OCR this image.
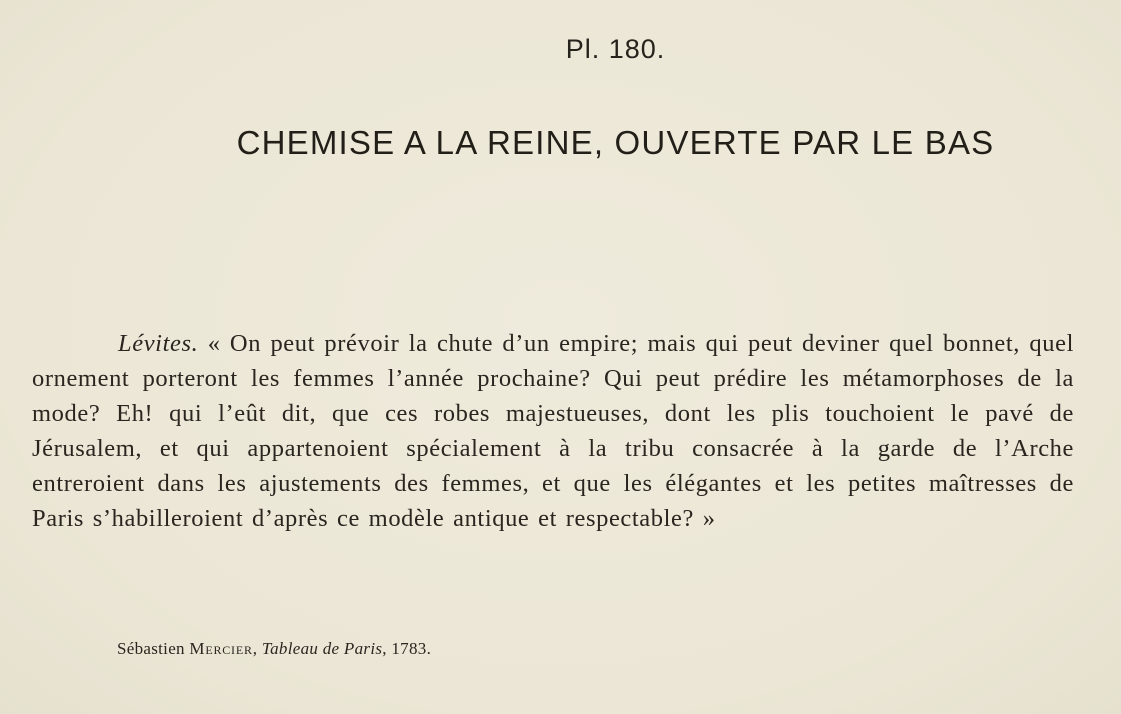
Pl. 180.
CHEMISE A LA REINE, OUVERTE PAR LE BAS

Lévites. « On peut prévoir la chute d’un empire; mais qui peut deviner quel bonnet, quel ornement porteront les femmes l’année prochaine? Qui peut prédire les métamorphoses de la mode? Eh! qui l’eût dit, que ces robes majestueuses, dont les plis touchoient le pavé de Jérusalem, et qui appartenoient spécialement à la tribu consacrée à la garde de l’Arche entreroient dans les ajustements des femmes, et que les élégantes et les petites maîtresses de Paris s’habilleroient d’après ce modèle antique et respectable? »

Sébastien Mercier, Tableau de Paris, 1783.
